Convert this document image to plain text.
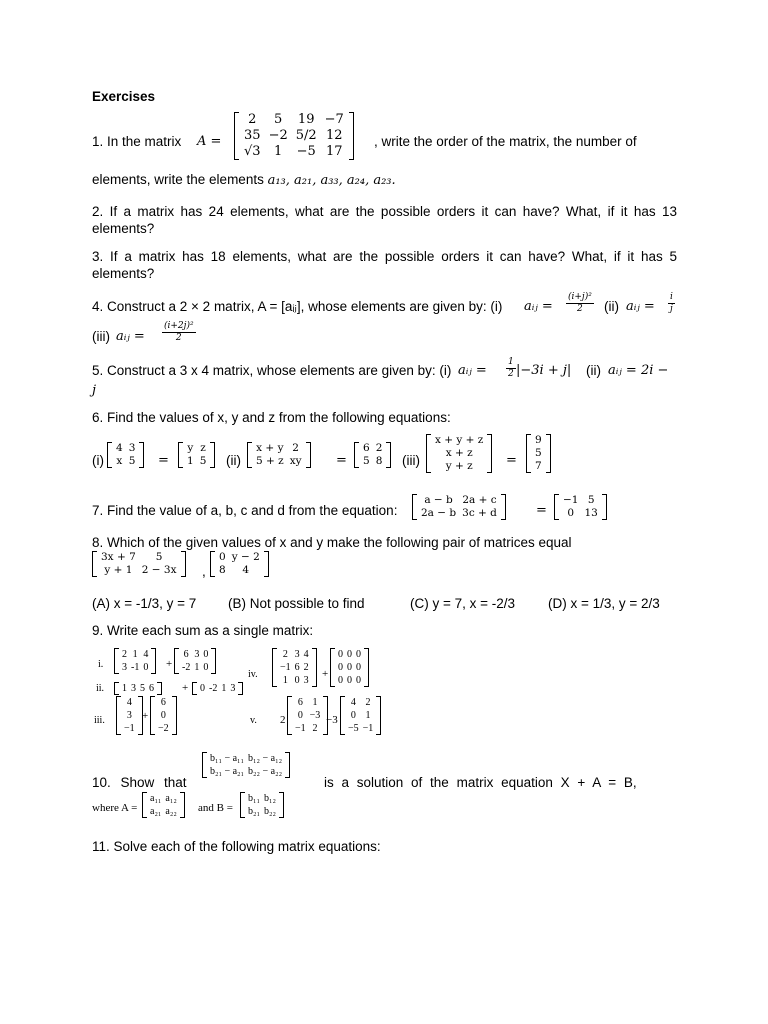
Exercises
1. In the matrix A =
2	5	19	−7
35	−2	5/2	12
√3	1	−5	17
, write the order of the matrix, the number of
elements, write the elements a₁₃, a₂₁, a₃₃, a₂₄, a₂₃.
2. If a matrix has 24 elements, what are the possible orders it can have? What, if it has 13 elements?
3. If a matrix has 18 elements, what are the possible orders it can have? What, if it has 5 elements?
4. Construct a 2 × 2 matrix, A = [aᵢⱼ], whose elements are given by: (i) aᵢⱼ = $\frac{\text{(i+j)²}}{2} (ii)$ aᵢⱼ = $\frac{i}{j}$
(iii) aᵢⱼ = $\frac{\text{(i+2j)²}}{2}$
5. Construct a 3 x 4 matrix, whose elements are given by: (i) aᵢⱼ = $\frac{1}{2} |-3i + j|$ (ii) aᵢⱼ = 2i −
j
6. Find the values of x, y and z from the following equations:
(i)
4	3
x	5 =
y	z
1	5 (ii)
x + y	2
5 + z	xy	=
6	2
5	8 (iii)
x + y + z
x + z
y + z	=
9
5
7
7. Find the value of a, b, c and d from the equation:
a − b	2a + c
2a − b	3c + d	=
−1	5
0	13
8. Which of the given values of x and y make the following pair of matrices equal
3x + 7	5
y + 1	2 − 3x ,
0	y − 2
8	4
(A) x = -1/3, y = 7 (B) Not possible to find	(C) y = 7, x = -2/3 (D) x = 1/3, y = 2/3
9. Write each sum as a single matrix:
i.
2	1	4
3	-1	0 +
6	3	0
-2	1	0
ii. 1	3	5	6	+ 0	-2	1	3
iii.
4
3
−1
+
6
0
−2
iv.
2	3	4
−1	6	2
1	0	3
+
0	0	0
0	0	0
0	0	0
v. 2
6	1
0	−3
−1	2
−3
4	2
0	1
−5	−1
10. Show that
b₁₁ − a₁₁	b₁₂ − a₁₂
b₂₁ − a₂₁	b₂₂ − a₂₂
is a solution of the matrix equation X + A = B,
where A =
a₁₁	a₁₂
a₂₁	a₂₂ and B =
b₁₁	b₁₂
b₂₁	b₂₂
11. Solve each of the following matrix equations:
